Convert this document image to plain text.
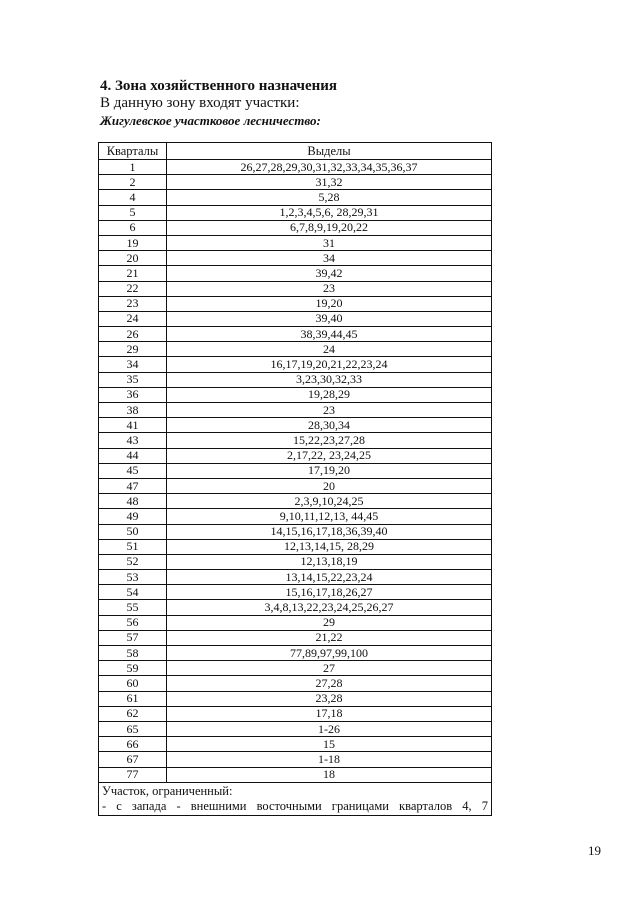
4. Зона хозяйственного назначения
В данную зону входят участки:
Жигулевское участковое лесничество:
Кварталы	Выделы
1	26,27,28,29,30,31,32,33,34,35,36,37
2	31,32
4	5,28
5	1,2,3,4,5,6, 28,29,31
6	6,7,8,9,19,20,22
19	31
20	34
21	39,42
22	23
23	19,20
24	39,40
26	38,39,44,45
29	24
34	16,17,19,20,21,22,23,24
35	3,23,30,32,33
36	19,28,29
38	23
41	28,30,34
43	15,22,23,27,28
44	2,17,22, 23,24,25
45	17,19,20
47	20
48	2,3,9,10,24,25
49	9,10,11,12,13, 44,45
50	14,15,16,17,18,36,39,40
51	12,13,14,15, 28,29
52	12,13,18,19
53	13,14,15,22,23,24
54	15,16,17,18,26,27
55	3,4,8,13,22,23,24,25,26,27
56	29
57	21,22
58	77,89,97,99,100
59	27
60	27,28
61	23,28
62	17,18
65	1-26
66	15
67	1-18
77	18

Участок, ограниченный:
- с запада - внешними восточными границами кварталов 4, 7	
19
